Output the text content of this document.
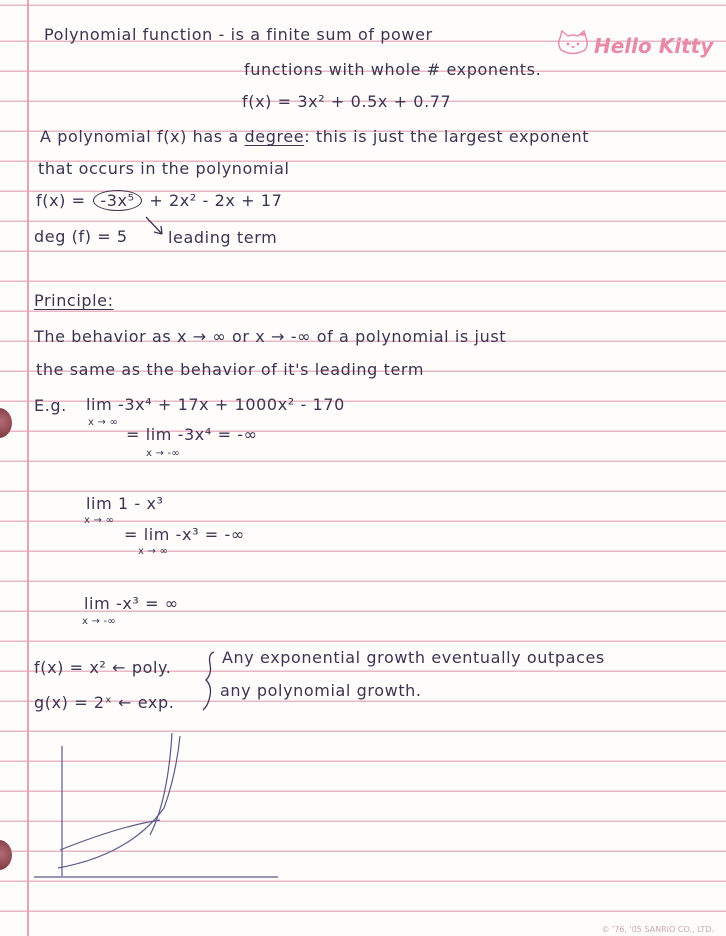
Hello Kitty
Polynomial function - is a finite sum of power
functions with whole # exponents.
f(x) = 3x² + 0.5x + 0.77
A polynomial f(x) has a degree: this is just the largest exponent
that occurs in the polynomial
f(x) = -3x⁵ + 2x² - 2x + 17
deg (f) = 5	leading term
Principle:
The behavior as x → ∞ or x → -∞ of a polynomial is just
the same as the behavior of it's leading term
E.g. lim -3x⁴ + 17x + 1000x² - 170
x → ∞
= lim -3x⁴ = -∞
x → -∞
lim 1 - x³
x → ∞
= lim -x³ = -∞
x → ∞
lim -x³ = ∞
x → -∞
f(x) = x² ← poly.
g(x) = 2ˣ ← exp.
Any exponential growth eventually outpaces
any polynomial growth.
© '76, '05 SANRIO CO., LTD.
